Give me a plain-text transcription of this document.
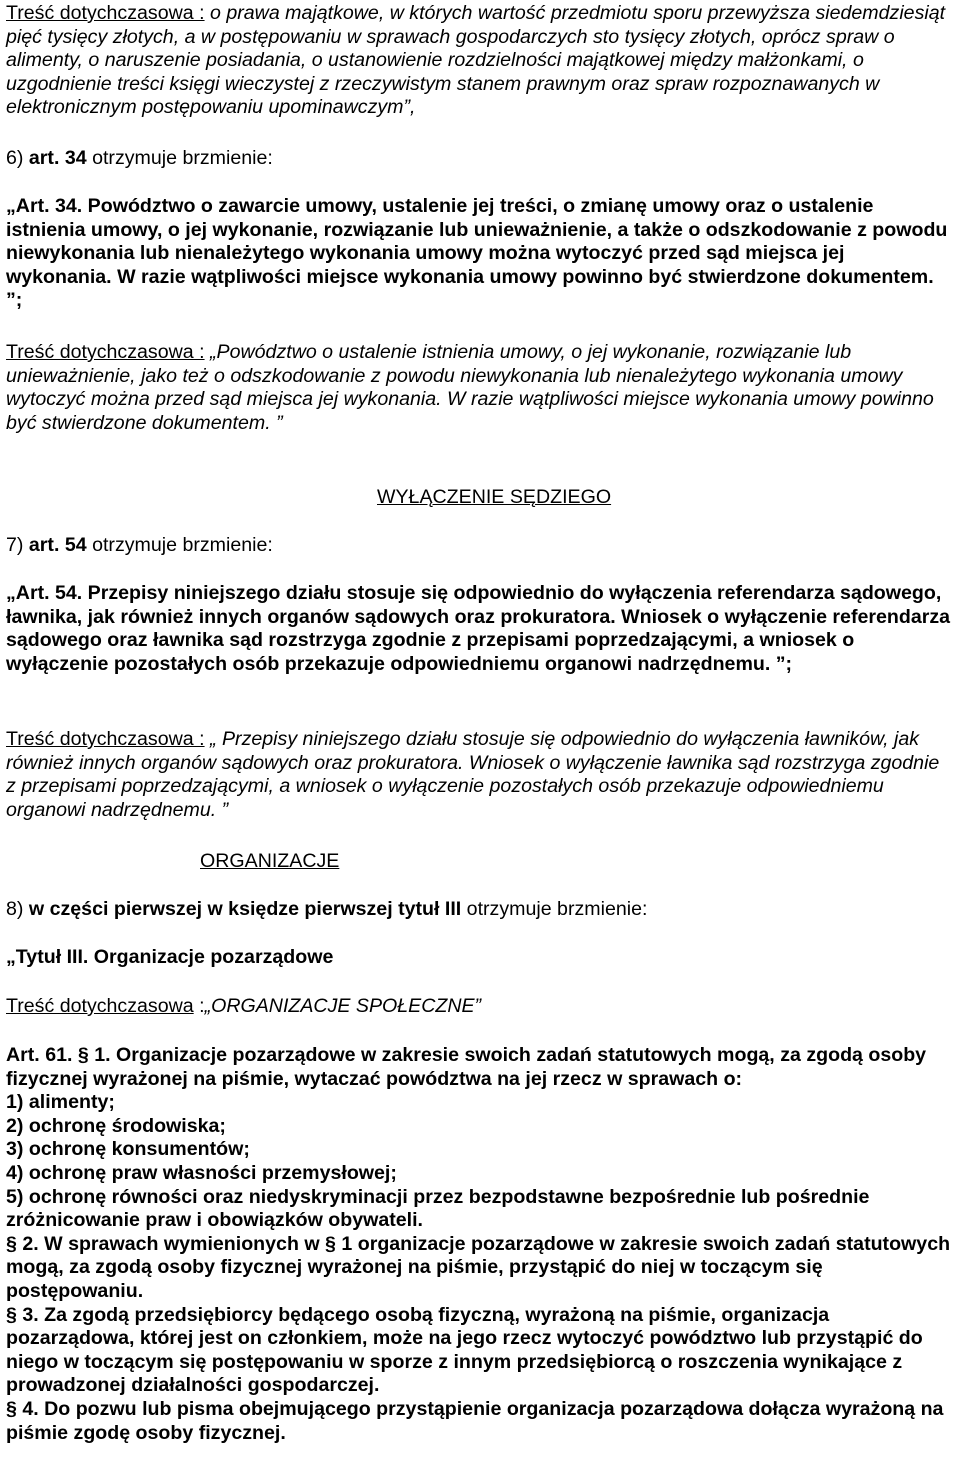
Treść dotychczasowa : o prawa majątkowe, w których wartość przedmiotu sporu przewyższa siedemdziesiąt pięć tysięcy złotych, a w postępowaniu w sprawach gospodarczych sto tysięcy złotych, oprócz spraw o alimenty, o naruszenie posiadania, o ustanowienie rozdzielności majątkowej między małżonkami, o uzgodnienie treści księgi wieczystej z rzeczywistym stanem prawnym oraz spraw rozpoznawanych w elektronicznym postępowaniu upominawczym”,

6) art. 34 otrzymuje brzmienie:

„Art. 34. Powództwo o zawarcie umowy, ustalenie jej treści, o zmianę umowy oraz o ustalenie istnienia umowy, o jej wykonanie, rozwiązanie lub unieważnienie, a także o odszkodowanie z powodu niewykonania lub nienależytego wykonania umowy można wytoczyć przed sąd miejsca jej wykonania. W razie wątpliwości miejsce wykonania umowy powinno być stwierdzone dokumentem. ”;

Treść dotychczasowa : „Powództwo o ustalenie istnienia umowy, o jej wykonanie, rozwiązanie lub unieważnienie, jako też o odszkodowanie z powodu niewykonania lub nienależytego wykonania umowy wytoczyć można przed sąd miejsca jej wykonania. W razie wątpliwości miejsce wykonania umowy powinno być stwierdzone dokumentem. ”

WYŁĄCZENIE SĘDZIEGO

7) art. 54 otrzymuje brzmienie:

„Art. 54. Przepisy niniejszego działu stosuje się odpowiednio do wyłączenia referendarza sądowego, ławnika, jak również innych organów sądowych oraz prokuratora. Wniosek o wyłączenie referendarza sądowego oraz ławnika sąd rozstrzyga zgodnie z przepisami poprzedzającymi, a wniosek o wyłączenie pozostałych osób przekazuje odpowiedniemu organowi nadrzędnemu. ”;

Treść dotychczasowa : „ Przepisy niniejszego działu stosuje się odpowiednio do wyłączenia ławników, jak również innych organów sądowych oraz prokuratora. Wniosek o wyłączenie ławnika sąd rozstrzyga zgodnie z przepisami poprzedzającymi, a wniosek o wyłączenie pozostałych osób przekazuje odpowiedniemu organowi nadrzędnemu. ”

ORGANIZACJE

8) w części pierwszej w księdze pierwszej tytuł III otrzymuje brzmienie:

„Tytuł III. Organizacje pozarządowe

Treść dotychczasowa :„ORGANIZACJE SPOŁECZNE”

Art. 61. § 1. Organizacje pozarządowe w zakresie swoich zadań statutowych mogą, za zgodą osoby fizycznej wyrażonej na piśmie, wytaczać powództwa na jej rzecz w sprawach o:
1) alimenty;
2) ochronę środowiska;
3) ochronę konsumentów;
4) ochronę praw własności przemysłowej;
5) ochronę równości oraz niedyskryminacji przez bezpodstawne bezpośrednie lub pośrednie zróżnicowanie praw i obowiązków obywateli.
§ 2. W sprawach wymienionych w § 1 organizacje pozarządowe w zakresie swoich zadań statutowych mogą, za zgodą osoby fizycznej wyrażonej na piśmie, przystąpić do niej w toczącym się postępowaniu.
§ 3. Za zgodą przedsiębiorcy będącego osobą fizyczną, wyrażoną na piśmie, organizacja pozarządowa, której jest on członkiem, może na jego rzecz wytoczyć powództwo lub przystąpić do niego w toczącym się postępowaniu w sporze z innym przedsiębiorcą o roszczenia wynikające z prowadzonej działalności gospodarczej.
§ 4. Do pozwu lub pisma obejmującego przystąpienie organizacja pozarządowa dołącza wyrażoną na piśmie zgodę osoby fizycznej.
